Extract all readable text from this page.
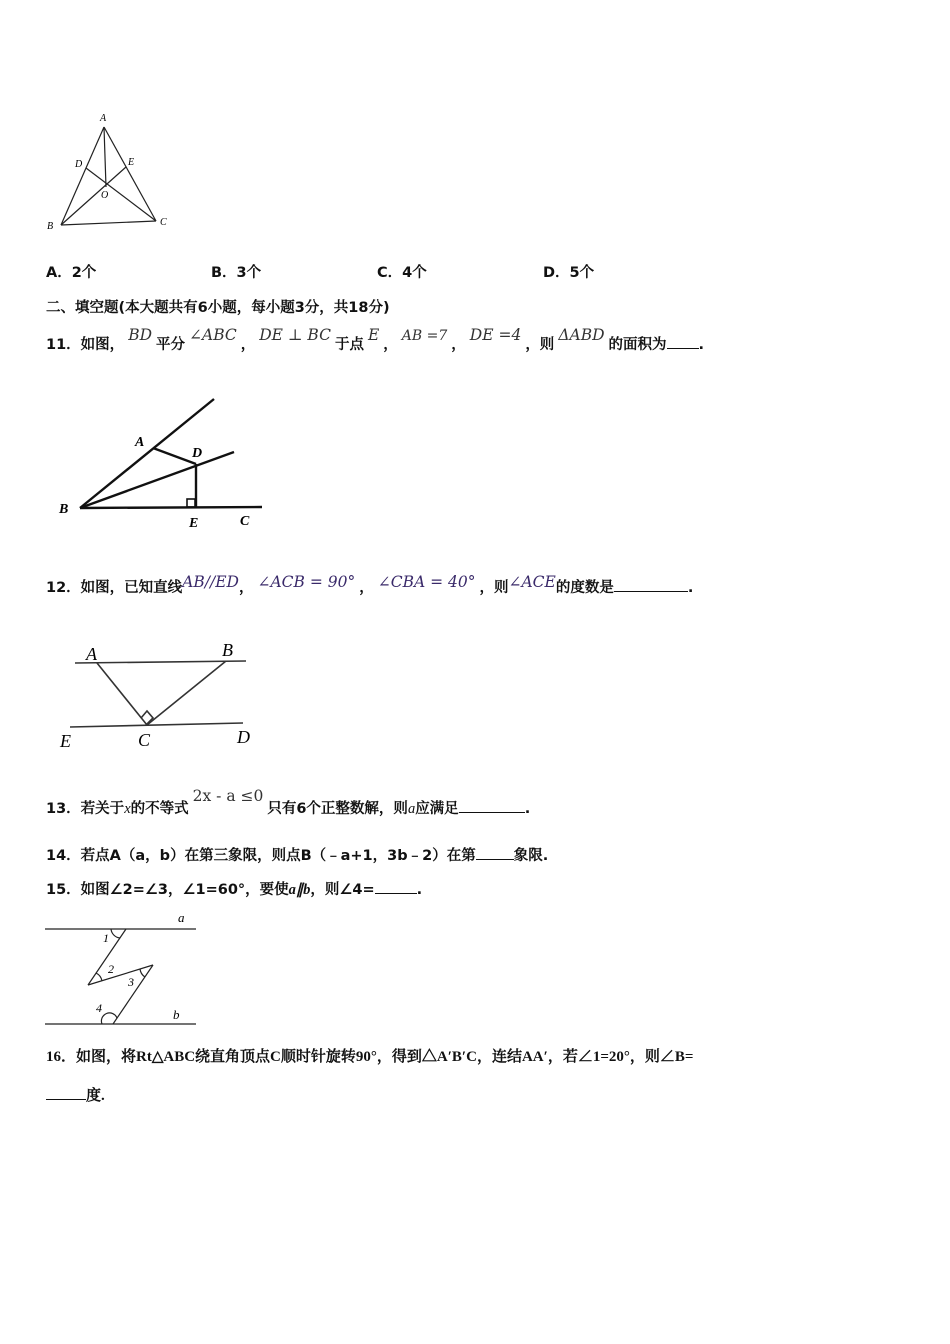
A
D	E
O
B	C
A．2个	B．3个	C．4个	D．5个
二、填空题(本大题共有6小题，每小题3分，共18分)
11．如图，BD平分∠ABC，DE ⊥ BC于点E，AB =7，DE =4，则ΔABD的面积为 .
A
D
B
E	C
12．如图，已知直线AB//ED， ∠ACB = 90° ， ∠CBA = 40° ，则∠ACE的度数是	.
A	B
E	C	D
13．若关于x的不等式2x - a ≤0只有6个正整数解，则a应满足	.
14．若点A（a，b）在第三象限，则点B（﹣a+1，3b﹣2）在第	象限.
15．如图∠2=∠3，∠1=60°，要使a∥b，则∠4=	.
a
b
1
2
3
4
16．如图，将Rt△ABC绕直角顶点C顺时针旋转90°，得到△A′B′C，连结AA′，若∠1=20°，则∠B=
度.
